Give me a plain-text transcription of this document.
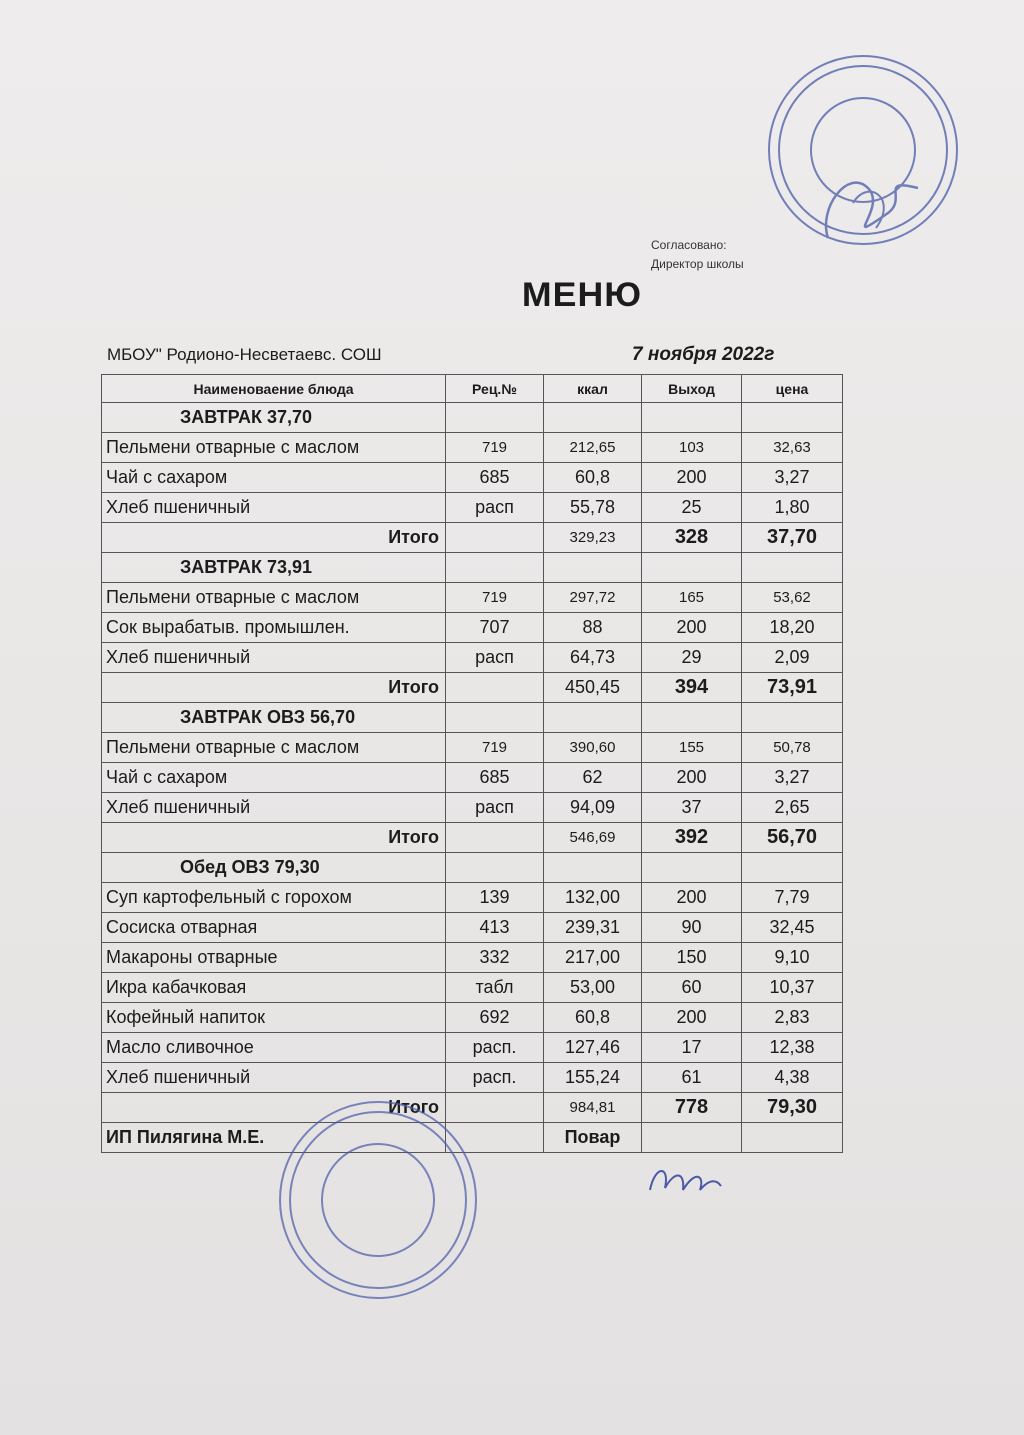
Согласовано:
Директор школы
МЕНЮ
МБОУ" Родионо-Несветаевс. СОШ	7 ноября 2022г
Наименоваение блюда	Рец.№	ккал	Выход	цена
ЗАВТРАК 37,70				
Пельмени отварные с маслом	719	212,65	103	32,63
Чай с сахаром	685	60,8	200	3,27
Хлеб пшеничный	расп	55,78	25	1,80
Итого		329,23	328	37,70
ЗАВТРАК 73,91				
Пельмени отварные с маслом	719	297,72	165	53,62
Сок вырабатыв. промышлен.	707	88	200	18,20
Хлеб пшеничный	расп	64,73	29	2,09
Итого		450,45	394	73,91
ЗАВТРАК ОВЗ 56,70				
Пельмени отварные с маслом	719	390,60	155	50,78
Чай с сахаром	685	62	200	3,27
Хлеб пшеничный	расп	94,09	37	2,65
Итого		546,69	392	56,70
Обед ОВЗ 79,30				
Суп картофельный с горохом	139	132,00	200	7,79
Сосиска отварная	413	239,31	90	32,45
Макароны отварные	332	217,00	150	9,10
Икра кабачковая	табл	53,00	60	10,37
Кофейный напиток	692	60,8	200	2,83
Масло сливочное	расп.	127,46	17	12,38
Хлеб пшеничный	расп.	155,24	61	4,38
Итого		984,81	778	79,30
ИП Пилягина М.Е.		Повар		
